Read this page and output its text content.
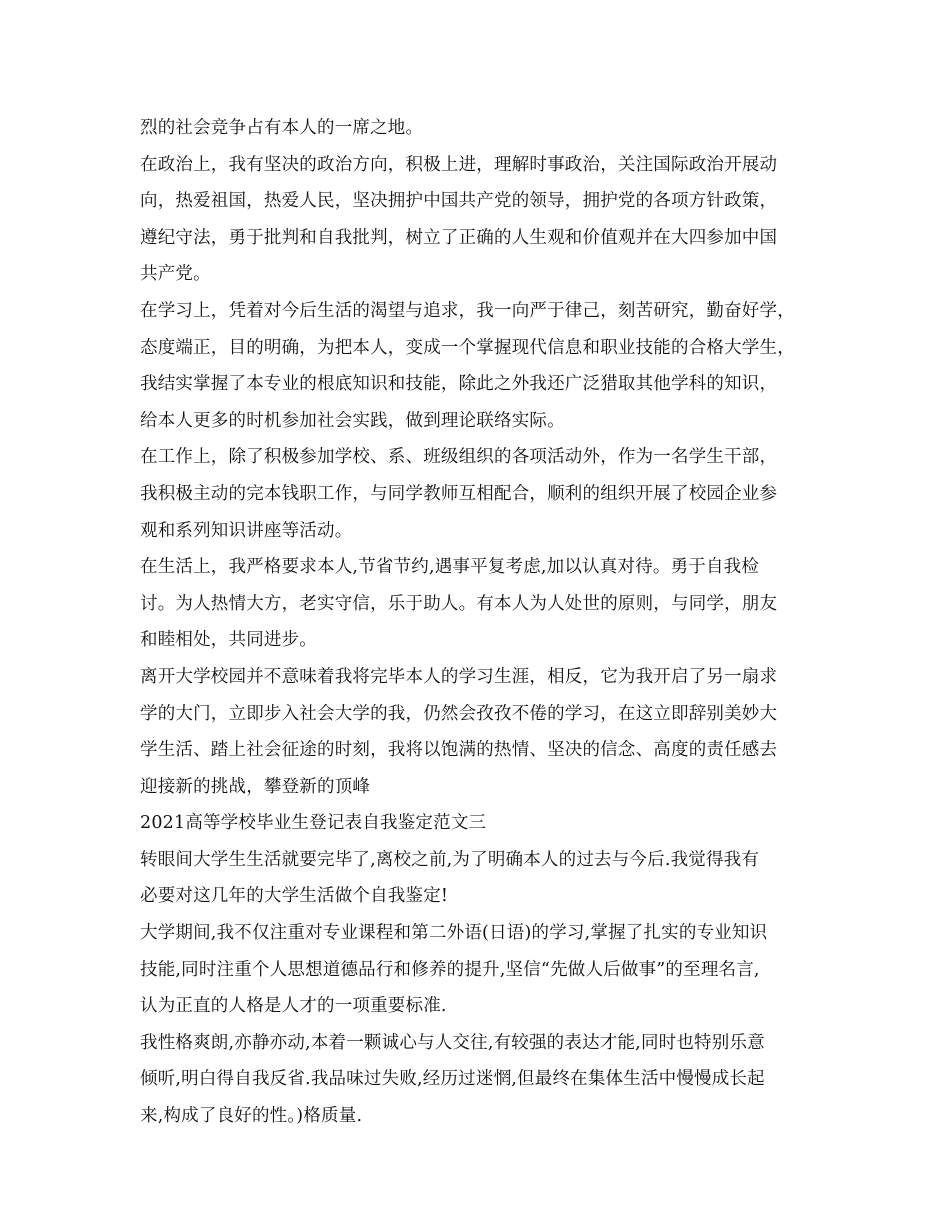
烈的社会竞争占有本人的一席之地。
在政治上，我有坚决的政治方向，积极上进，理解时事政治，关注国际政治开展动
向，热爱祖国，热爱人民，坚决拥护中国共产党的领导，拥护党的各项方针政策，
遵纪守法，勇于批判和自我批判，树立了正确的人生观和价值观并在大四参加中国
共产党。
在学习上，凭着对今后生活的渴望与追求，我一向严于律己，刻苦研究，勤奋好学，
态度端正，目的明确，为把本人，变成一个掌握现代信息和职业技能的合格大学生，
我结实掌握了本专业的根底知识和技能，除此之外我还广泛猎取其他学科的知识，
给本人更多的时机参加社会实践，做到理论联络实际。
在工作上，除了积极参加学校、系、班级组织的各项活动外，作为一名学生干部，
我积极主动的完本钱职工作，与同学教师互相配合，顺利的组织开展了校园企业参
观和系列知识讲座等活动。
在生活上，我严格要求本人,节省节约,遇事平复考虑,加以认真对待。勇于自我检
讨。为人热情大方，老实守信，乐于助人。有本人为人处世的原则，与同学，朋友
和睦相处，共同进步。
离开大学校园并不意味着我将完毕本人的学习生涯，相反，它为我开启了另一扇求
学的大门，立即步入社会大学的我，仍然会孜孜不倦的学习，在这立即辞别美妙大
学生活、踏上社会征途的时刻，我将以饱满的热情、坚决的信念、高度的责任感去
迎接新的挑战，攀登新的顶峰
2021高等学校毕业生登记表自我鉴定范文三
转眼间大学生生活就要完毕了,离校之前,为了明确本人的过去与今后.我觉得我有
必要对这几年的大学生活做个自我鉴定!
大学期间,我不仅注重对专业课程和第二外语(日语)的学习,掌握了扎实的专业知识
技能,同时注重个人思想道德品行和修养的提升,坚信“先做人后做事”的至理名言,
认为正直的人格是人才的一项重要标准.
我性格爽朗,亦静亦动,本着一颗诚心与人交往,有较强的表达才能,同时也特别乐意
倾听,明白得自我反省.我品味过失败,经历过迷惘,但最终在集体生活中慢慢成长起
来,构成了良好的性。)格质量.
